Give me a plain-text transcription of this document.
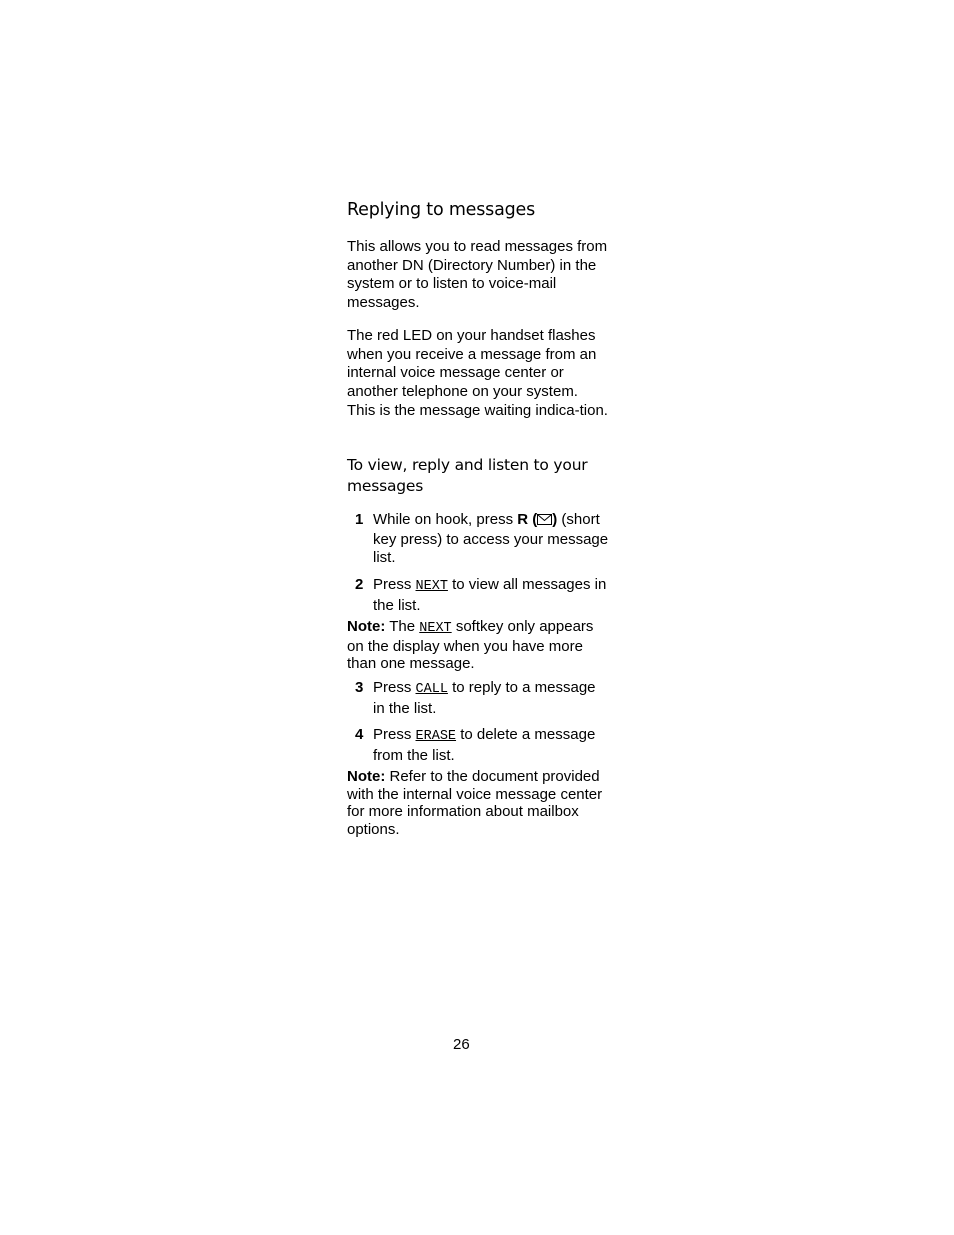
Replying to messages
This allows you to read messages from another DN (Directory Number) in the system or to listen to voice-mail messages.
The red LED on your handset flashes when you receive a message from an internal voice message center or another telephone on your system. This is the message waiting indica-tion.
To view, reply and listen to your messages
1 While on hook, press R ( ) (short key press) to access your message list.
2 Press NEXT to view all messages in the list.
Note: The NEXT softkey only appears on the display when you have more than one message.
3 Press CALL to reply to a message in the list.
4 Press ERASE to delete a message from the list.
Note: Refer to the document provided with the internal voice message center for more information about mailbox options.
26
